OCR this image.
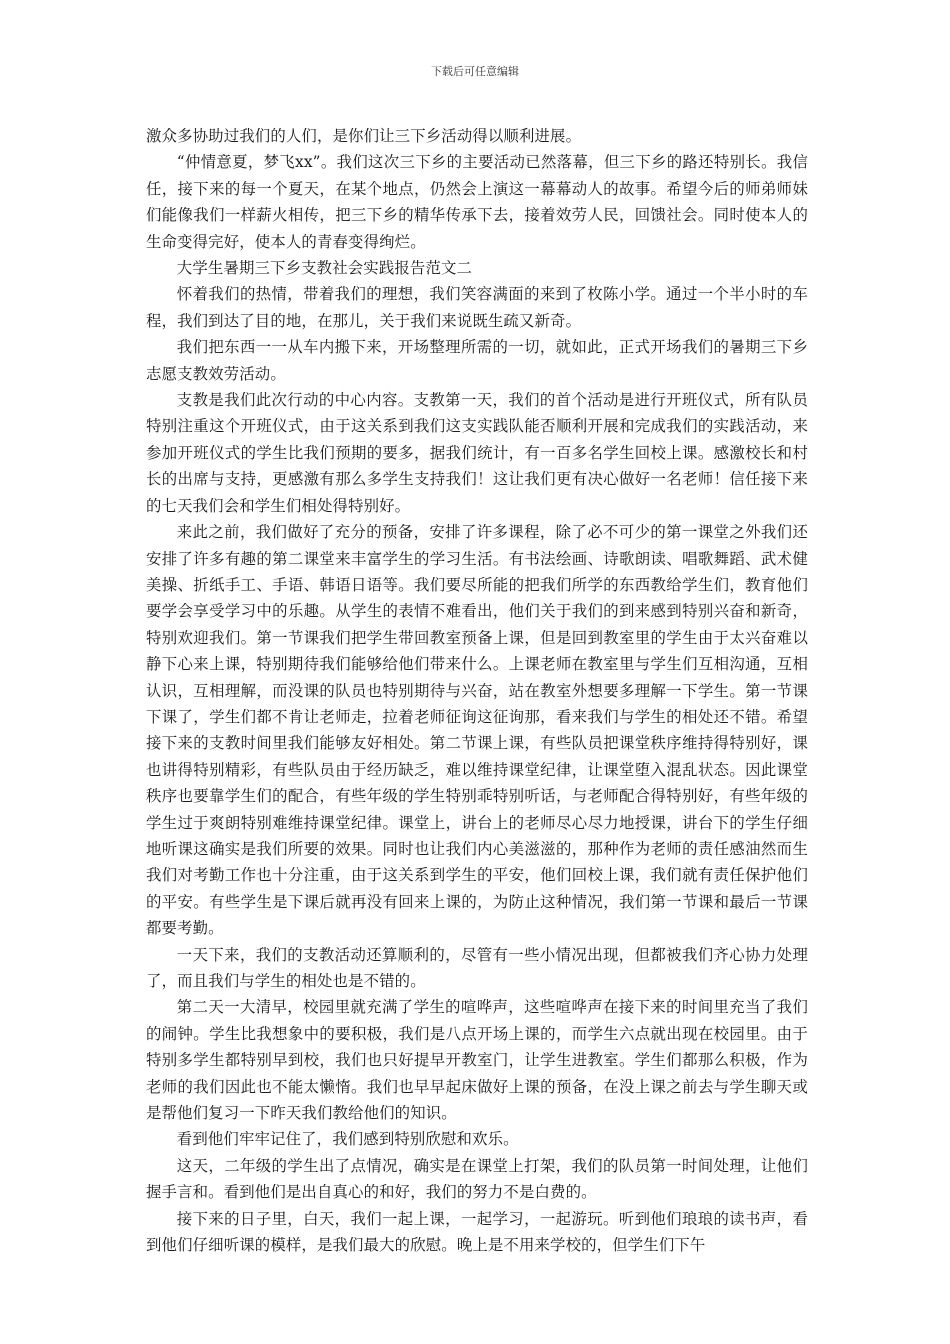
下载后可任意编辑

激众多协助过我们的人们，是你们让三下乡活动得以顺利进展。

“仲情意夏，梦飞xx”。我们这次三下乡的主要活动已然落幕，但三下乡的路还特别长。我信任，接下来的每一个夏天，在某个地点，仍然会上演这一幕幕动人的故事。希望今后的师弟师妹们能像我们一样薪火相传，把三下乡的精华传承下去，接着效劳人民，回馈社会。同时使本人的生命变得完好，使本人的青春变得绚烂。

大学生暑期三下乡支教社会实践报告范文二

怀着我们的热情，带着我们的理想，我们笑容满面的来到了枚陈小学。通过一个半小时的车程，我们到达了目的地，在那儿，关于我们来说既生疏又新奇。

我们把东西一一从车内搬下来，开场整理所需的一切，就如此，正式开场我们的暑期三下乡志愿支教效劳活动。

支教是我们此次行动的中心内容。支教第一天，我们的首个活动是进行开班仪式，所有队员特别注重这个开班仪式，由于这关系到我们这支实践队能否顺利开展和完成我们的实践活动，来参加开班仪式的学生比我们预期的要多，据我们统计，有一百多名学生回校上课。感激校长和村长的出席与支持，更感激有那么多学生支持我们！这让我们更有决心做好一名老师！信任接下来的七天我们会和学生们相处得特别好。

来此之前，我们做好了充分的预备，安排了许多课程，除了必不可少的第一课堂之外我们还安排了许多有趣的第二课堂来丰富学生的学习生活。有书法绘画、诗歌朗读、唱歌舞蹈、武术健美操、折纸手工、手语、韩语日语等。我们要尽所能的把我们所学的东西教给学生们，教育他们要学会享受学习中的乐趣。从学生的表情不难看出，他们关于我们的到来感到特别兴奋和新奇，特别欢迎我们。第一节课我们把学生带回教室预备上课，但是回到教室里的学生由于太兴奋难以静下心来上课，特别期待我们能够给他们带来什么。上课老师在教室里与学生们互相沟通，互相认识，互相理解，而没课的队员也特别期待与兴奋，站在教室外想要多理解一下学生。第一节课下课了，学生们都不肯让老师走，拉着老师征询这征询那，看来我们与学生的相处还不错。希望接下来的支教时间里我们能够友好相处。第二节课上课，有些队员把课堂秩序维持得特别好，课也讲得特别精彩，有些队员由于经历缺乏，难以维持课堂纪律，让课堂堕入混乱状态。因此课堂秩序也要靠学生们的配合，有些年级的学生特别乖特别听话，与老师配合得特别好，有些年级的学生过于爽朗特别难维持课堂纪律。课堂上，讲台上的老师尽心尽力地授课，讲台下的学生仔细地听课这确实是我们所要的效果。同时也让我们内心美滋滋的，那种作为老师的责任感油然而生我们对考勤工作也十分注重，由于这关系到学生的平安，他们回校上课，我们就有责任保护他们的平安。有些学生是下课后就再没有回来上课的，为防止这种情况，我们第一节课和最后一节课都要考勤。

一天下来，我们的支教活动还算顺利的，尽管有一些小情况出现，但都被我们齐心协力处理了，而且我们与学生的相处也是不错的。

第二天一大清早，校园里就充满了学生的喧哗声，这些喧哗声在接下来的时间里充当了我们的闹钟。学生比我想象中的要积极，我们是八点开场上课的，而学生六点就出现在校园里。由于特别多学生都特别早到校，我们也只好提早开教室门，让学生进教室。学生们都那么积极，作为老师的我们因此也不能太懒惰。我们也早早起床做好上课的预备，在没上课之前去与学生聊天或是帮他们复习一下昨天我们教给他们的知识。

看到他们牢牢记住了，我们感到特别欣慰和欢乐。

这天，二年级的学生出了点情况，确实是在课堂上打架，我们的队员第一时间处理，让他们握手言和。看到他们是出自真心的和好，我们的努力不是白费的。

接下来的日子里，白天，我们一起上课，一起学习，一起游玩。听到他们琅琅的读书声，看到他们仔细听课的模样，是我们最大的欣慰。晚上是不用来学校的，但学生们下午
